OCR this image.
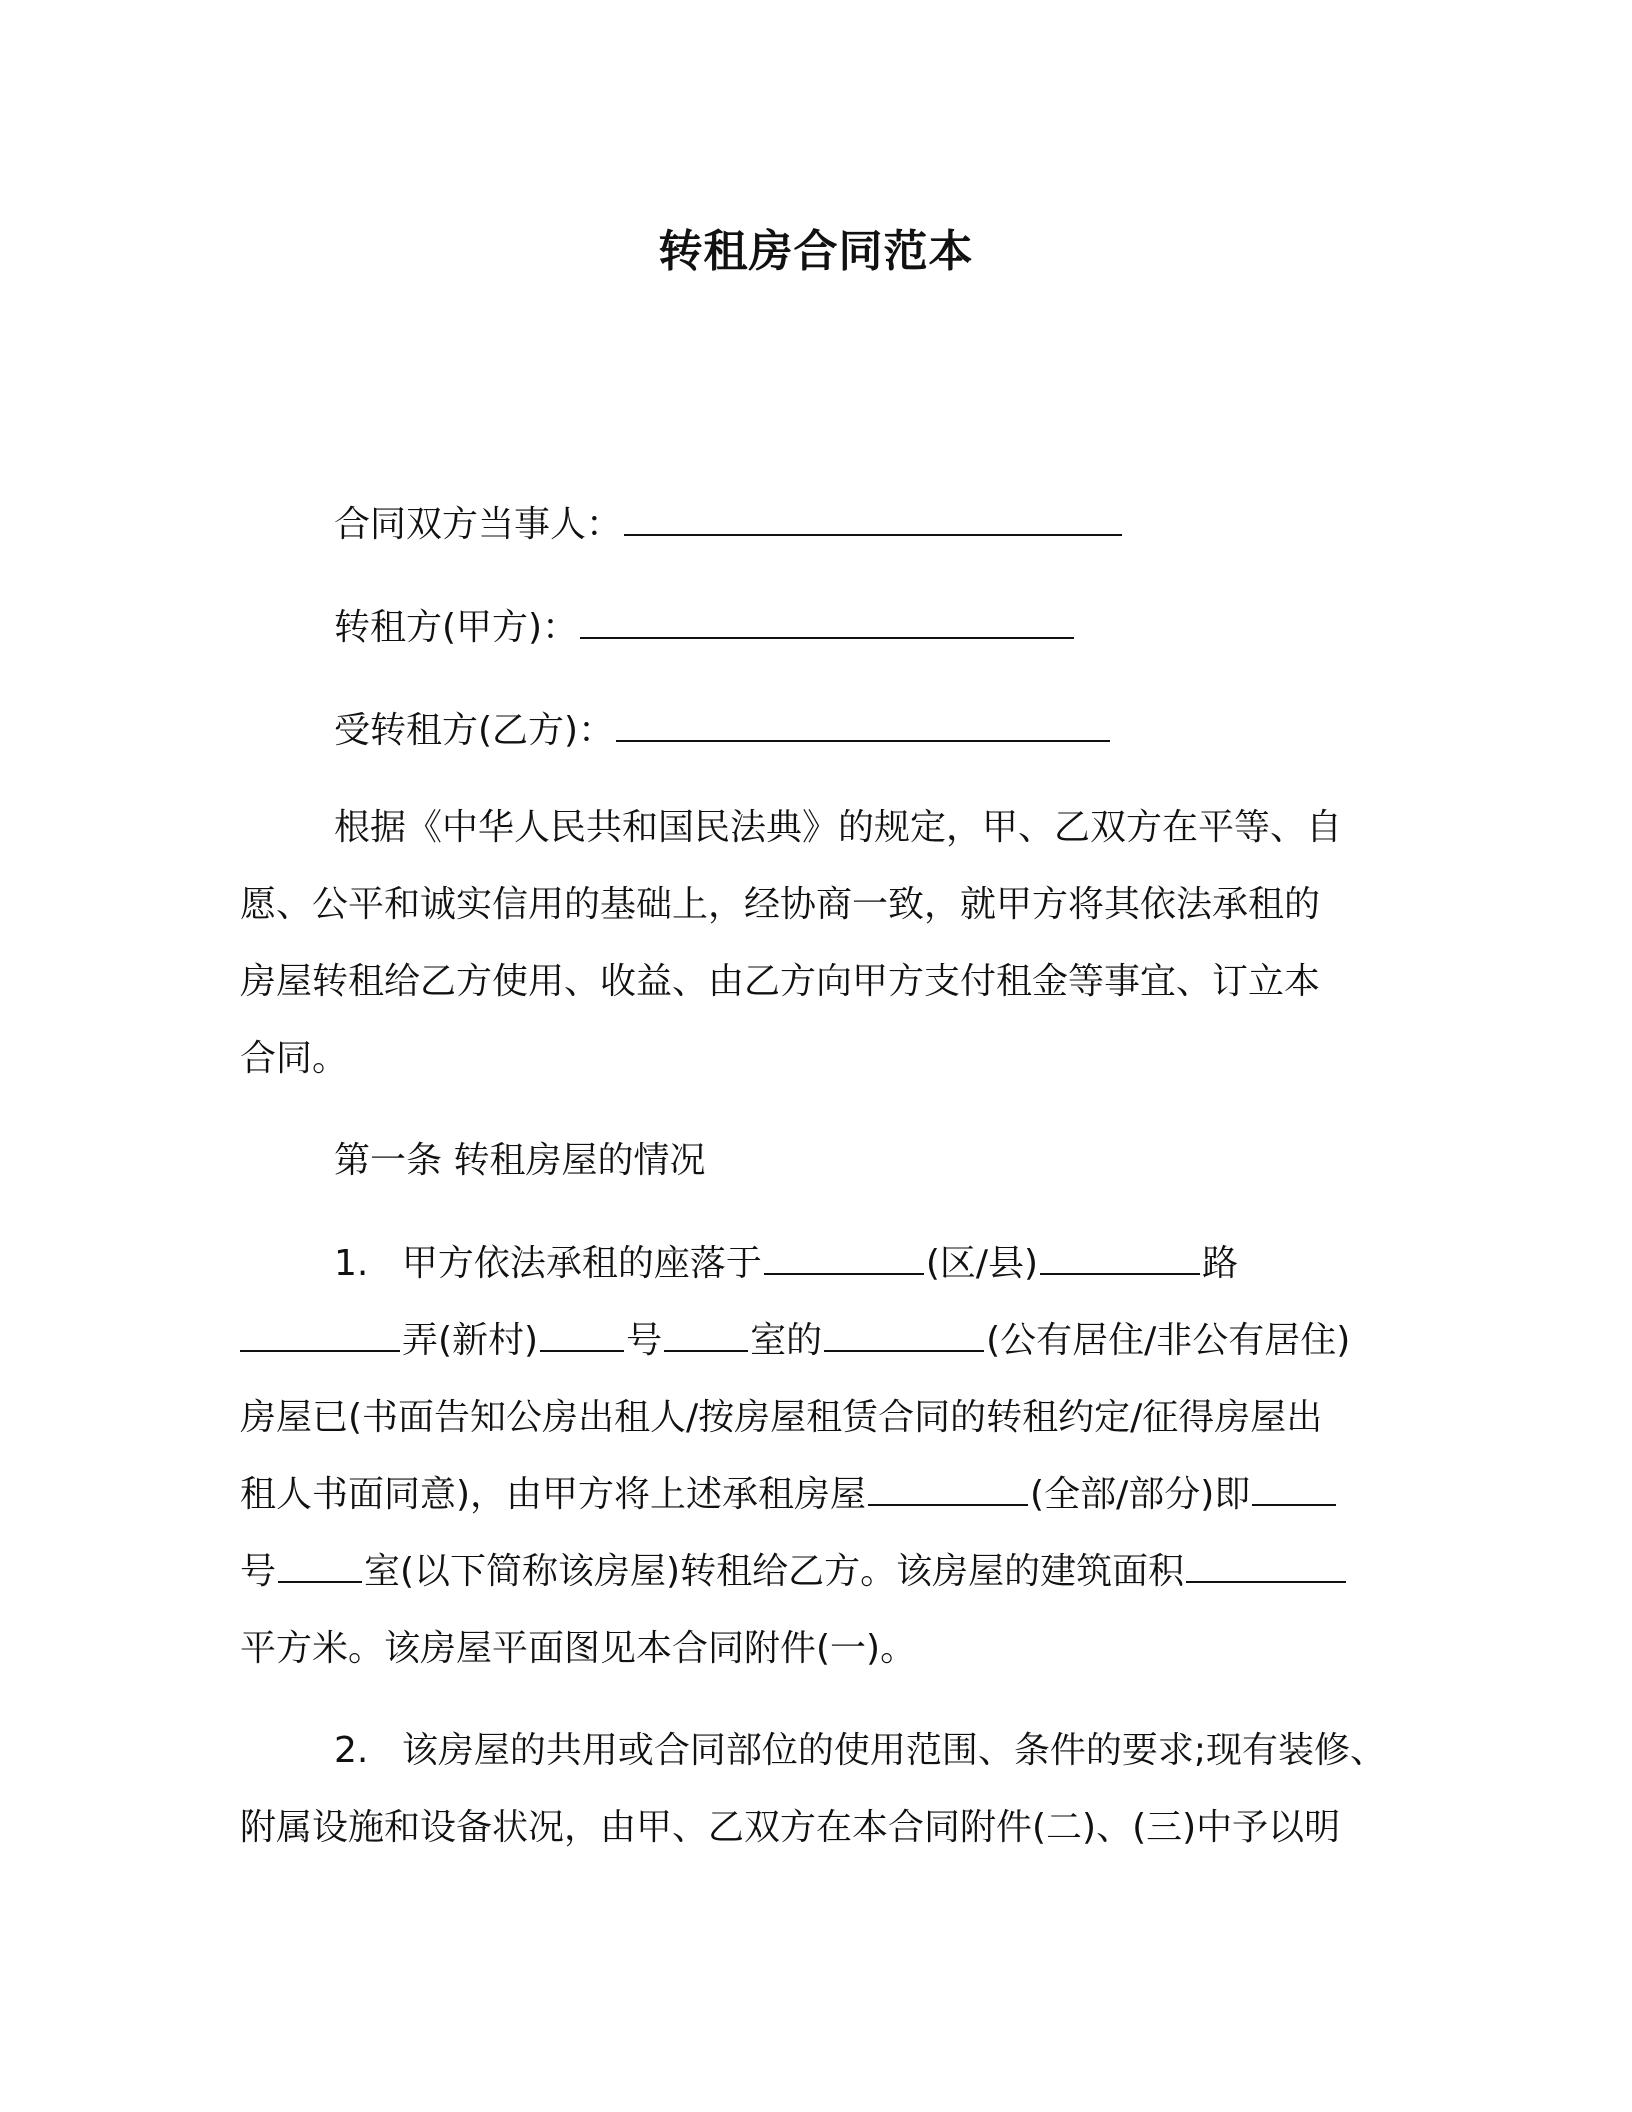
转租房合同范本
合同双方当事人：
转租方(甲方)：
受转租方(乙方)：
根据《中华人民共和国民法典》的规定，甲、乙双方在平等、自
愿、公平和诚实信用的基础上，经协商一致，就甲方将其依法承租的
房屋转租给乙方使用、收益、由乙方向甲方支付租金等事宜、订立本
合同。
第一条 转租房屋的情况
1. 甲方依法承租的座落于	(区/县)	路
弄(新村) 号 室的	(公有居住/非公有居住)
房屋已(书面告知公房出租人/按房屋租赁合同的转租约定/征得房屋出
租人书面同意)，由甲方将上述承租房屋	(全部/部分)即
号 室(以下简称该房屋)转租给乙方。该房屋的建筑面积
平方米。该房屋平面图见本合同附件(一)。
2. 该房屋的共用或合同部位的使用范围、条件的要求;现有装修、
附属设施和设备状况，由甲、乙双方在本合同附件(二)、(三)中予以明
